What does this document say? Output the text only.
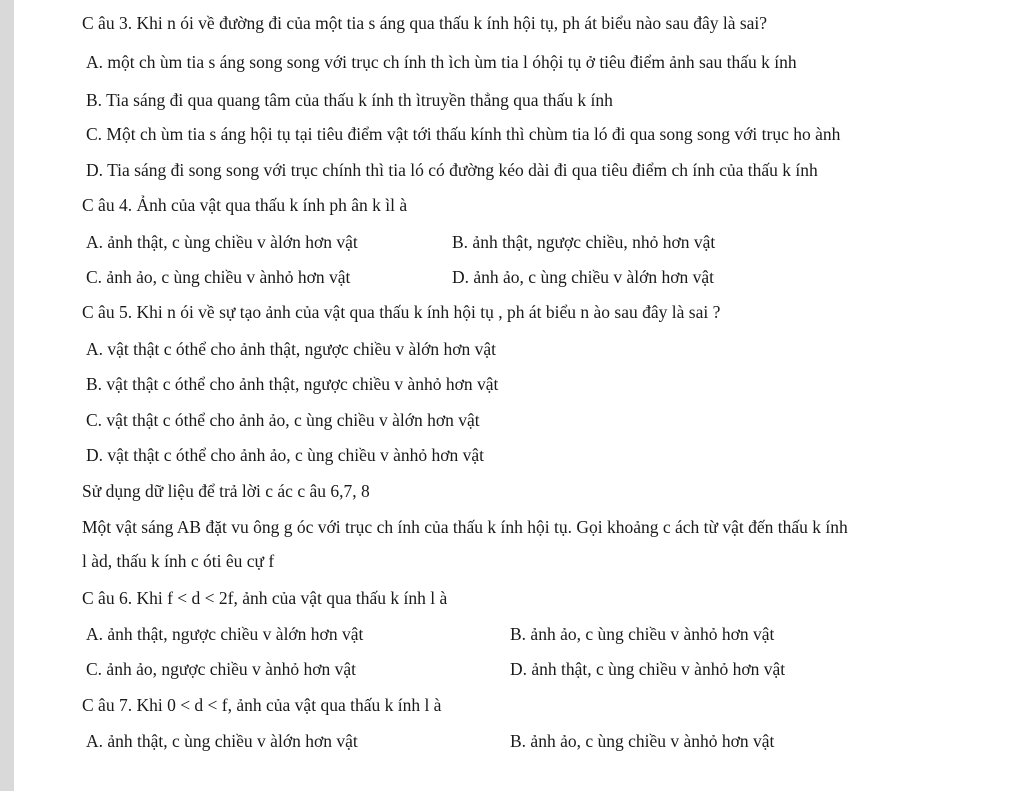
C âu 3. Khi n ói về đường đi của một tia s áng qua thấu k ính hội tụ, ph át biểu nào sau đây là sai?
A. một ch ùm tia s áng song song với trục ch ính th ìch ùm tia l óhội tụ ở tiêu điểm ảnh sau thấu k ính
B. Tia sáng đi qua quang tâm của thấu k ính th ìtruyền thẳng qua thấu k ính
C. Một ch ùm tia s áng hội tụ tại tiêu điểm vật tới thấu kính thì chùm tia ló đi qua song song với trục ho ành
D. Tia sáng đi song song với trục chính thì tia ló có đường kéo dài đi qua tiêu điểm ch ính của thấu k ính
C âu 4. Ảnh của vật qua thấu k ính ph ân k ìl à
A. ảnh thật, c ùng chiều v àlớn hơn vật	B. ảnh thật, ngược chiều, nhỏ hơn vật
C. ảnh ảo, c ùng chiều v ànhỏ hơn vật	D. ảnh ảo, c ùng chiều v àlớn hơn vật
C âu 5. Khi n ói về sự tạo ảnh của vật qua thấu k ính hội tụ , ph át biểu n ào sau đây là sai ?
A. vật thật c óthể cho ảnh thật, ngược chiều v àlớn hơn vật
B. vật thật c óthể cho ảnh thật, ngược chiều v ànhỏ hơn vật
C. vật thật c óthể cho ảnh ảo, c ùng chiều v àlớn hơn vật
D. vật thật c óthể cho ảnh ảo, c ùng chiều v ànhỏ hơn vật
Sử dụng dữ liệu để trả lời c ác c âu 6,7, 8
Một vật sáng AB đặt vu ông g óc với trục ch ính của thấu k ính hội tụ. Gọi khoảng c ách từ vật đến thấu k ính
l àd, thấu k ính c óti êu cự f
C âu 6. Khi f < d < 2f, ảnh của vật qua thấu k ính l à
A. ảnh thật, ngược chiều v àlớn hơn vật	B. ảnh ảo, c ùng chiều v ànhỏ hơn vật
C. ảnh ảo, ngược chiều v ànhỏ hơn vật	D. ảnh thật, c ùng chiều v ànhỏ hơn vật
C âu 7. Khi 0 < d < f, ảnh của vật qua thấu k ính l à
A. ảnh thật, c ùng chiều v àlớn hơn vật	B. ảnh ảo, c ùng chiều v ànhỏ hơn vật
